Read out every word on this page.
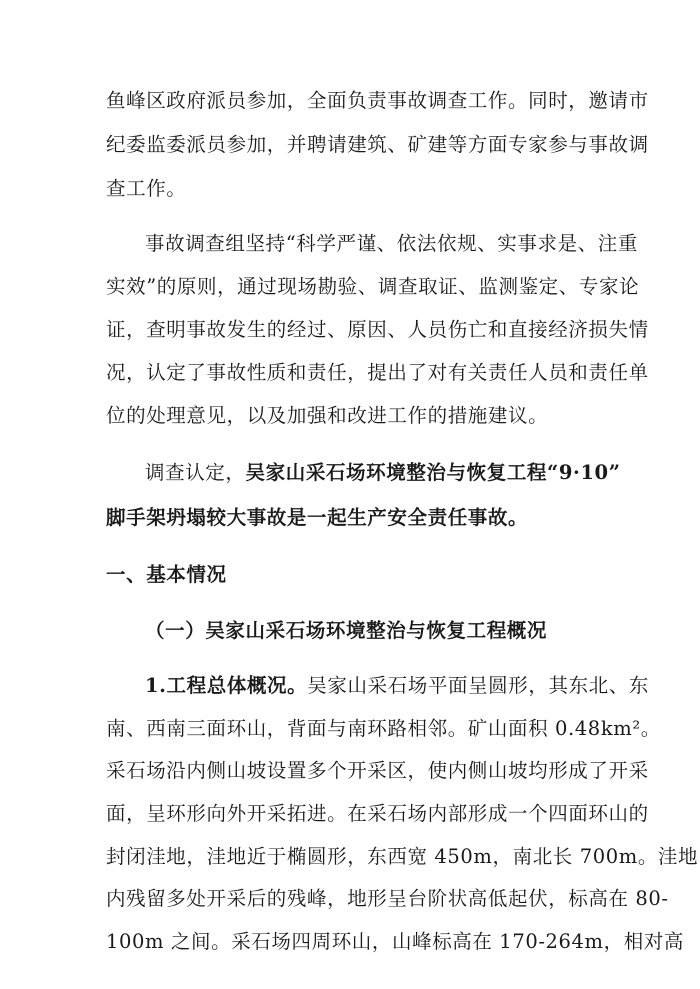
鱼峰区政府派员参加，全面负责事故调查工作。同时，邀请市
纪委监委派员参加，并聘请建筑、矿建等方面专家参与事故调
查工作。
事故调查组坚持“科学严谨、依法依规、实事求是、注重
实效”的原则，通过现场勘验、调查取证、监测鉴定、专家论
证，查明事故发生的经过、原因、人员伤亡和直接经济损失情
况，认定了事故性质和责任，提出了对有关责任人员和责任单
位的处理意见，以及加强和改进工作的措施建议。
调查认定，吴家山采石场环境整治与恢复工程“9·10”
脚手架坍塌较大事故是一起生产安全责任事故。
一、基本情况
（一）吴家山采石场环境整治与恢复工程概况
1.工程总体概况。吴家山采石场平面呈圆形，其东北、东
南、西南三面环山，背面与南环路相邻。矿山面积 0.48km²。
采石场沿内侧山坡设置多个开采区，使内侧山坡均形成了开采
面，呈环形向外开采拓进。在采石场内部形成一个四面环山的
封闭洼地，洼地近于椭圆形，东西宽 450m，南北长 700m。洼地
内残留多处开采后的残峰，地形呈台阶状高低起伏，标高在 80-
100m 之间。采石场四周环山，山峰标高在 170-264m，相对高
